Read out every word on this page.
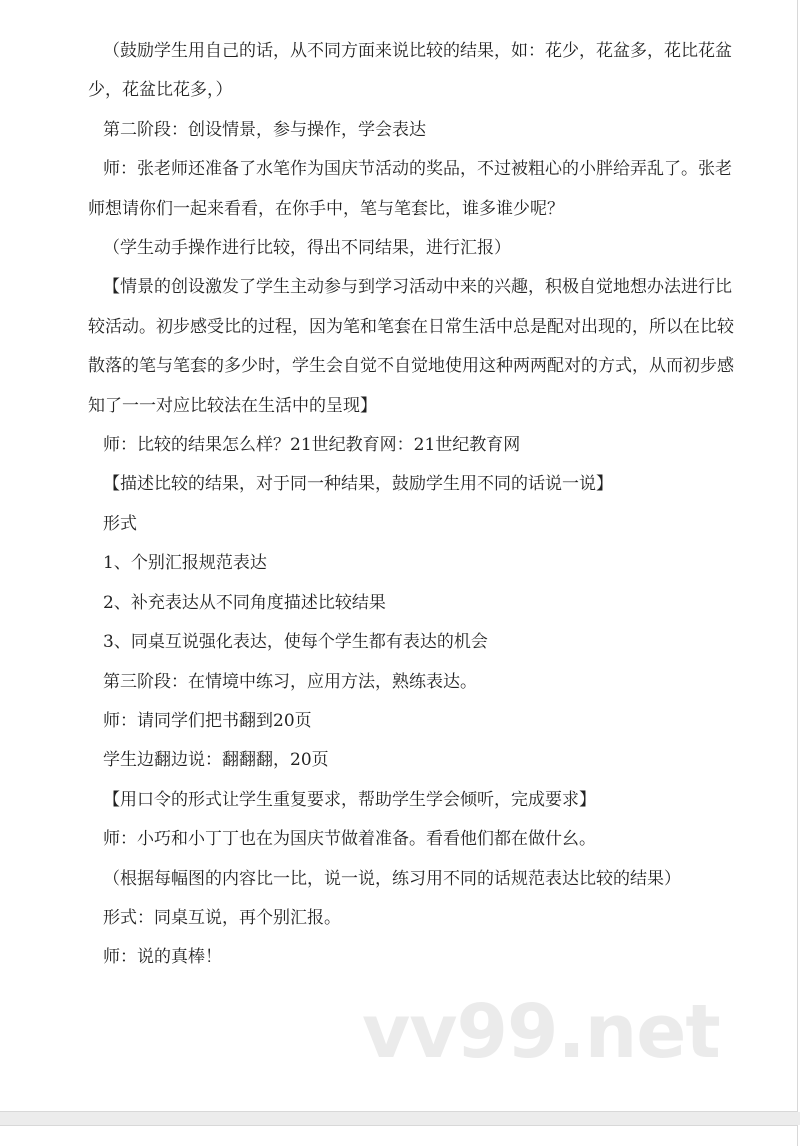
（鼓励学生用自己的话，从不同方面来说比较的结果，如：花少，花盆多，花比花盆少，花盆比花多，）

第二阶段：创设情景，参与操作，学会表达

师：张老师还准备了水笔作为国庆节活动的奖品，不过被粗心的小胖给弄乱了。张老师想请你们一起来看看，在你手中，笔与笔套比，谁多谁少呢？

（学生动手操作进行比较，得出不同结果，进行汇报）

【情景的创设激发了学生主动参与到学习活动中来的兴趣，积极自觉地想办法进行比较活动。初步感受比的过程，因为笔和笔套在日常生活中总是配对出现的，所以在比较散落的笔与笔套的多少时，学生会自觉不自觉地使用这种两两配对的方式，从而初步感知了一一对应比较法在生活中的呈现】

师：比较的结果怎么样？21世纪教育网：21世纪教育网

【描述比较的结果，对于同一种结果，鼓励学生用不同的话说一说】

形式

1、个别汇报规范表达

2、补充表达从不同角度描述比较结果

3、同桌互说强化表达，使每个学生都有表达的机会

第三阶段：在情境中练习，应用方法，熟练表达。

师：请同学们把书翻到20页

学生边翻边说：翻翻翻，20页

【用口令的形式让学生重复要求，帮助学生学会倾听，完成要求】

师：小巧和小丁丁也在为国庆节做着准备。看看他们都在做什幺。

（根据每幅图的内容比一比，说一说，练习用不同的话规范表达比较的结果）

形式：同桌互说，再个别汇报。

师：说的真棒！

vv99.net
